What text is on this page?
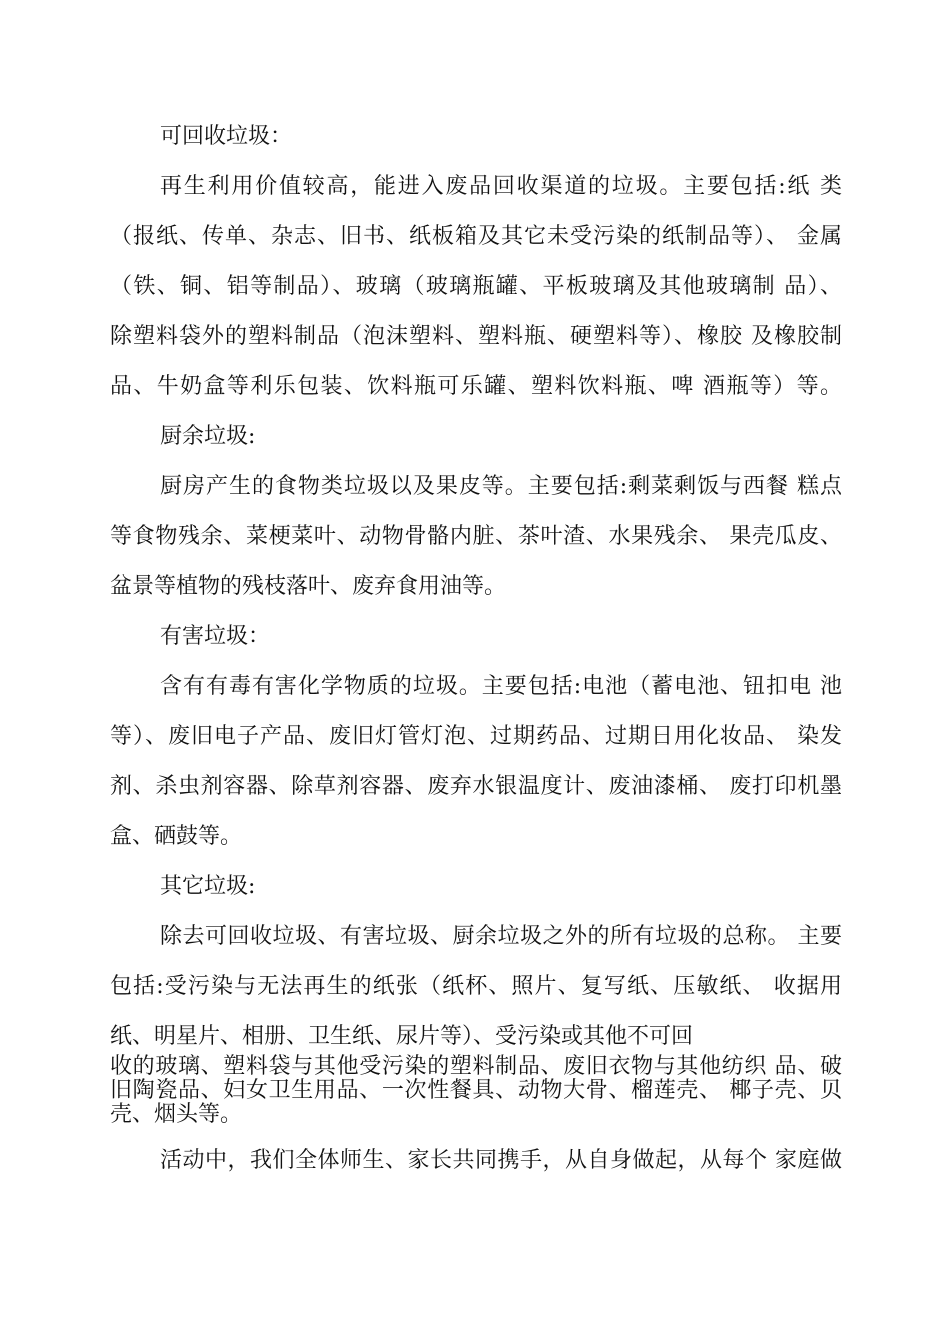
可回收垃圾：
再生利用价值较高，能进入废品回收渠道的垃圾。主要包括:纸 类
（报纸、传单、杂志、旧书、纸板箱及其它未受污染的纸制品等）、 金属
（铁、铜、铝等制品）、玻璃（玻璃瓶罐、平板玻璃及其他玻璃制 品）、
除塑料袋外的塑料制品（泡沫塑料、塑料瓶、硬塑料等）、橡胶 及橡胶制
品、牛奶盒等利乐包装、饮料瓶可乐罐、塑料饮料瓶、啤 酒瓶等）等。
厨余垃圾:
厨房产生的食物类垃圾以及果皮等。主要包括:剩菜剩饭与西餐 糕点
等食物残余、菜梗菜叶、动物骨骼内脏、茶叶渣、水果残余、 果壳瓜皮、
盆景等植物的残枝落叶、废弃食用油等。
有害垃圾：
含有有毒有害化学物质的垃圾。主要包括:电池（蓄电池、钮扣电 池
等）、废旧电子产品、废旧灯管灯泡、过期药品、过期日用化妆品、 染发
剂、杀虫剂容器、除草剂容器、废弃水银温度计、废油漆桶、 废打印机墨
盒、硒鼓等。
其它垃圾:
除去可回收垃圾、有害垃圾、厨余垃圾之外的所有垃圾的总称。 主要
包括:受污染与无法再生的纸张（纸杯、照片、复写纸、压敏纸、 收据用
纸、明星片、相册、卫生纸、尿片等）、受污染或其他不可回
收的玻璃、塑料袋与其他受污染的塑料制品、废旧衣物与其他纺织 品、破
旧陶瓷品、妇女卫生用品、一次性餐具、动物大骨、榴莲壳、 椰子壳、贝
壳、烟头等。
活动中，我们全体师生、家长共同携手，从自身做起，从每个 家庭做
